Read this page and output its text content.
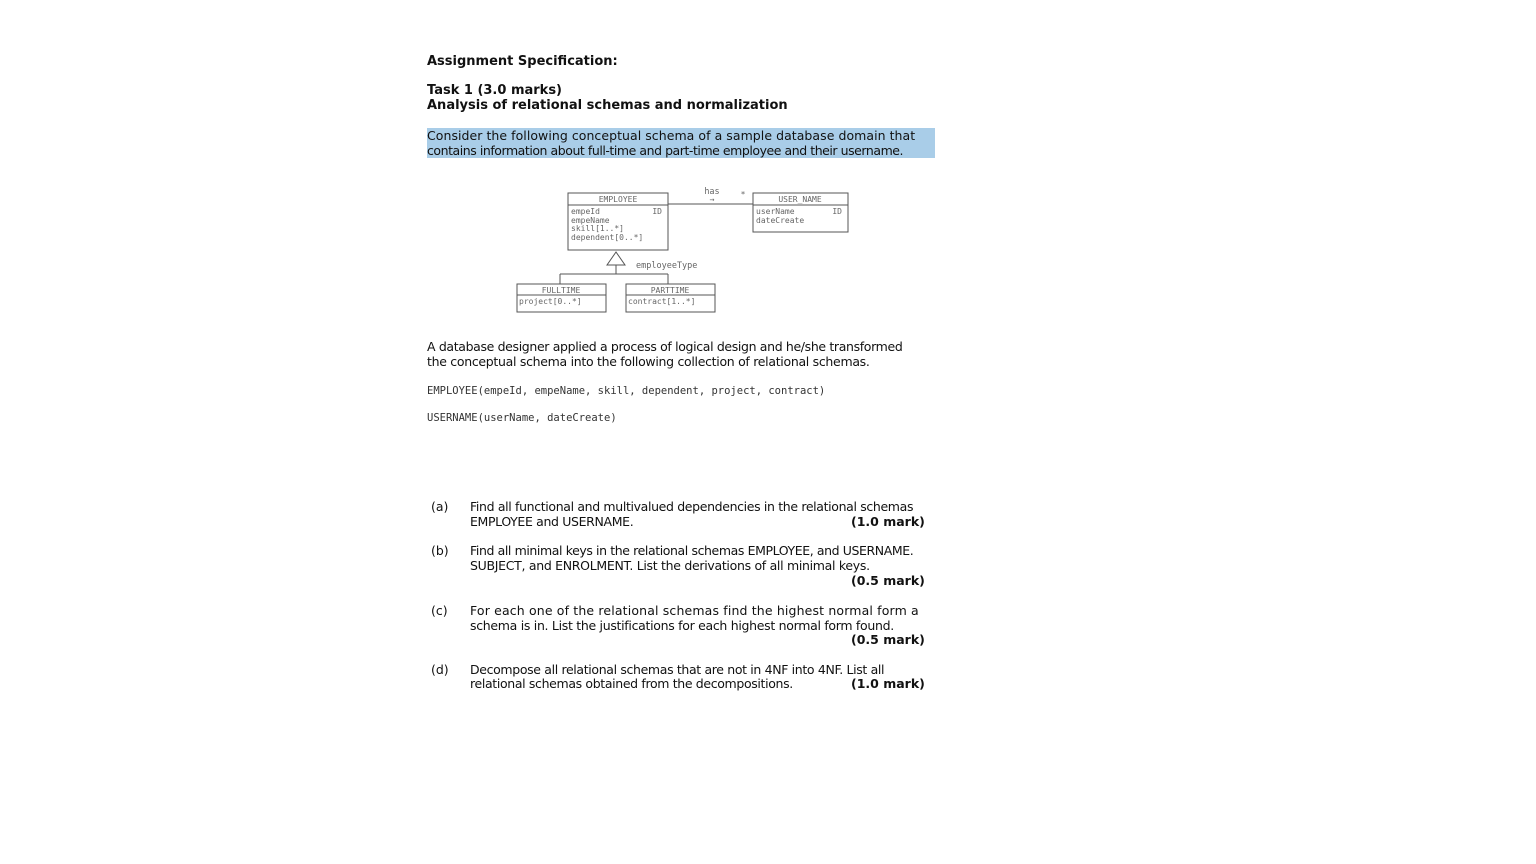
Assignment Specification:
Task 1 (3.0 marks)
Analysis of relational schemas and normalization
Consider the following conceptual schema of a sample database domain that
contains information about full-time and part-time employee and their username.
has
→
*
EMPLOYEE
empeId	ID
empeName
skill[1..*]
dependent[0..*]
USER_NAME
userName	ID
dateCreate
employeeType
FULLTIME
project[0..*]
PARTTIME
contract[1..*]
A database designer applied a process of logical design and he/she transformed
the conceptual schema into the following collection of relational schemas.
EMPLOYEE(empeId, empeName, skill, dependent, project, contract)
USERNAME(userName, dateCreate)
(a) Find all functional and multivalued dependencies in the relational schemas
EMPLOYEE and USERNAME.	(1.0 mark)
(b) Find all minimal keys in the relational schemas EMPLOYEE, and USERNAME.
SUBJECT, and ENROLMENT. List the derivations of all minimal keys.
(0.5 mark)
(c) For each one of the relational schemas find the highest normal form a
schema is in. List the justifications for each highest normal form found.
(0.5 mark)
(d) Decompose all relational schemas that are not in 4NF into 4NF. List all
relational schemas obtained from the decompositions.	(1.0 mark)
